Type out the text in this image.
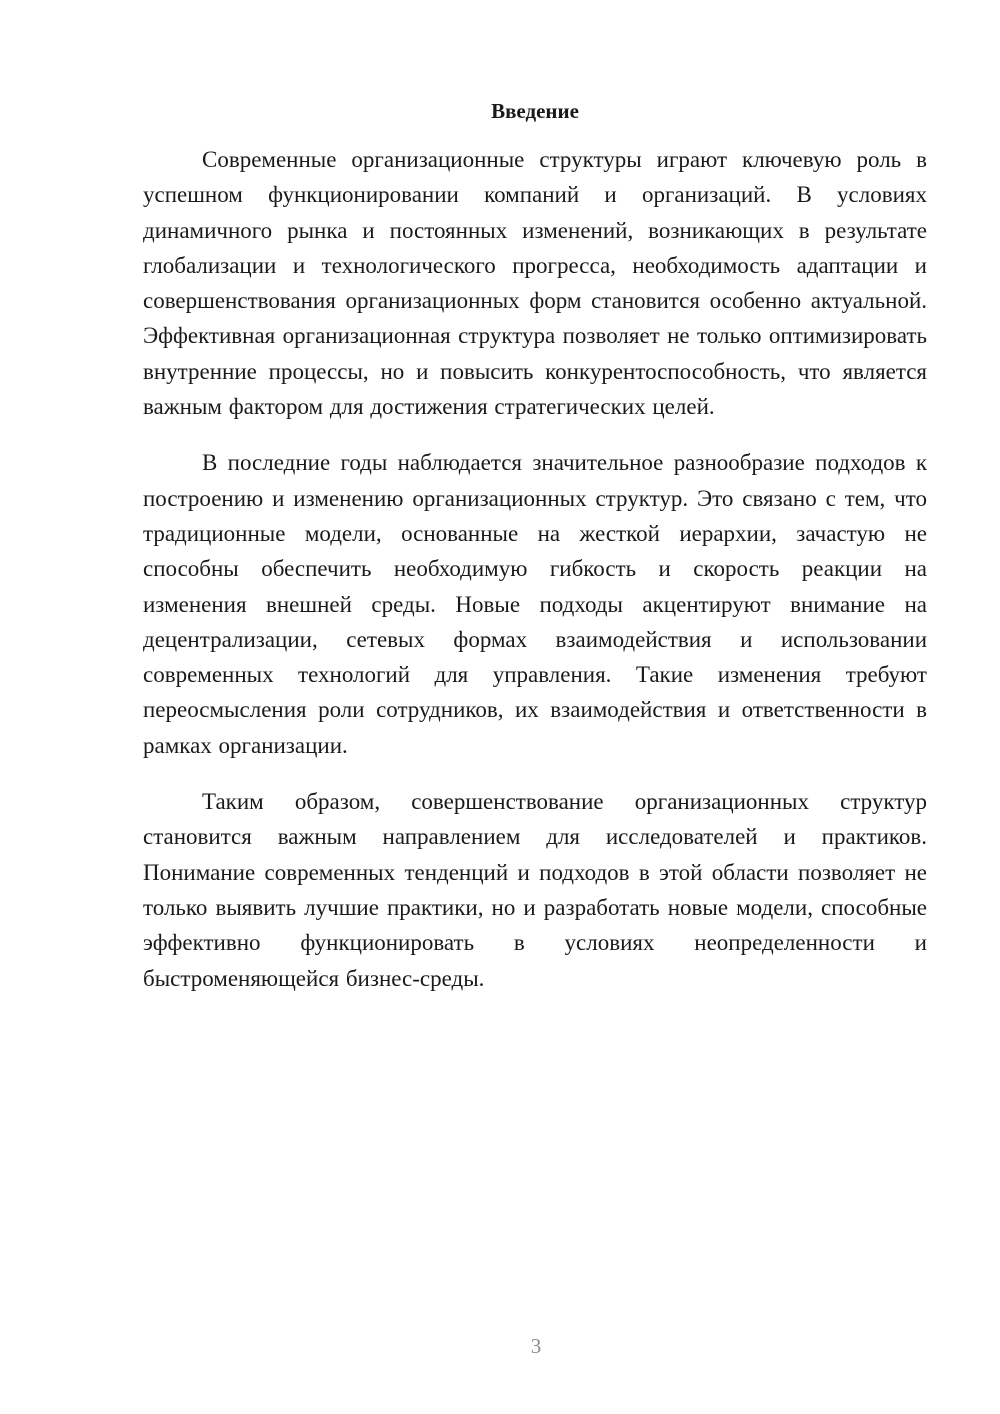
Введение

Современные организационные структуры играют ключевую роль в успешном функционировании компаний и организаций. В условиях динамичного рынка и постоянных изменений, возникающих в результате глобализации и технологического прогресса, необходимость адаптации и совершенствования организационных форм становится особенно актуальной. Эффективная организационная структура позволяет не только оптимизировать внутренние процессы, но и повысить конкурентоспособность, что является важным фактором для достижения стратегических целей.

В последние годы наблюдается значительное разнообразие подходов к построению и изменению организационных структур. Это связано с тем, что традиционные модели, основанные на жесткой иерархии, зачастую не способны обеспечить необходимую гибкость и скорость реакции на изменения внешней среды. Новые подходы акцентируют внимание на децентрализации, сетевых формах взаимодействия и использовании современных технологий для управления. Такие изменения требуют переосмысления роли сотрудников, их взаимодействия и ответственности в рамках организации.

Таким образом, совершенствование организационных структур становится важным направлением для исследователей и практиков. Понимание современных тенденций и подходов в этой области позволяет не только выявить лучшие практики, но и разработать новые модели, способные эффективно функционировать в условиях неопределенности и быстроменяющейся бизнес-среды.

3
